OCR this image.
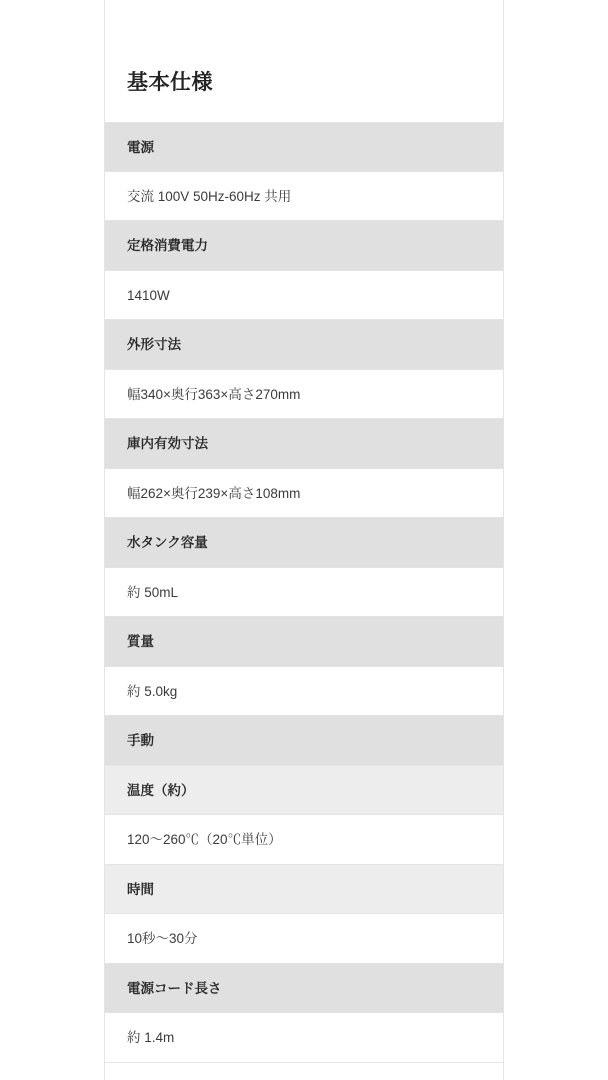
基本仕様
電源
交流 100V 50Hz-60Hz 共用
定格消費電力
1410W
外形寸法
幅340×奥行363×高さ270mm
庫内有効寸法
幅262×奥行239×高さ108mm
水タンク容量
約 50mL
質量
約 5.0kg
手動
温度（約）
120〜260℃（20℃単位）
時間
10秒〜30分
電源コード長さ
約 1.4m
